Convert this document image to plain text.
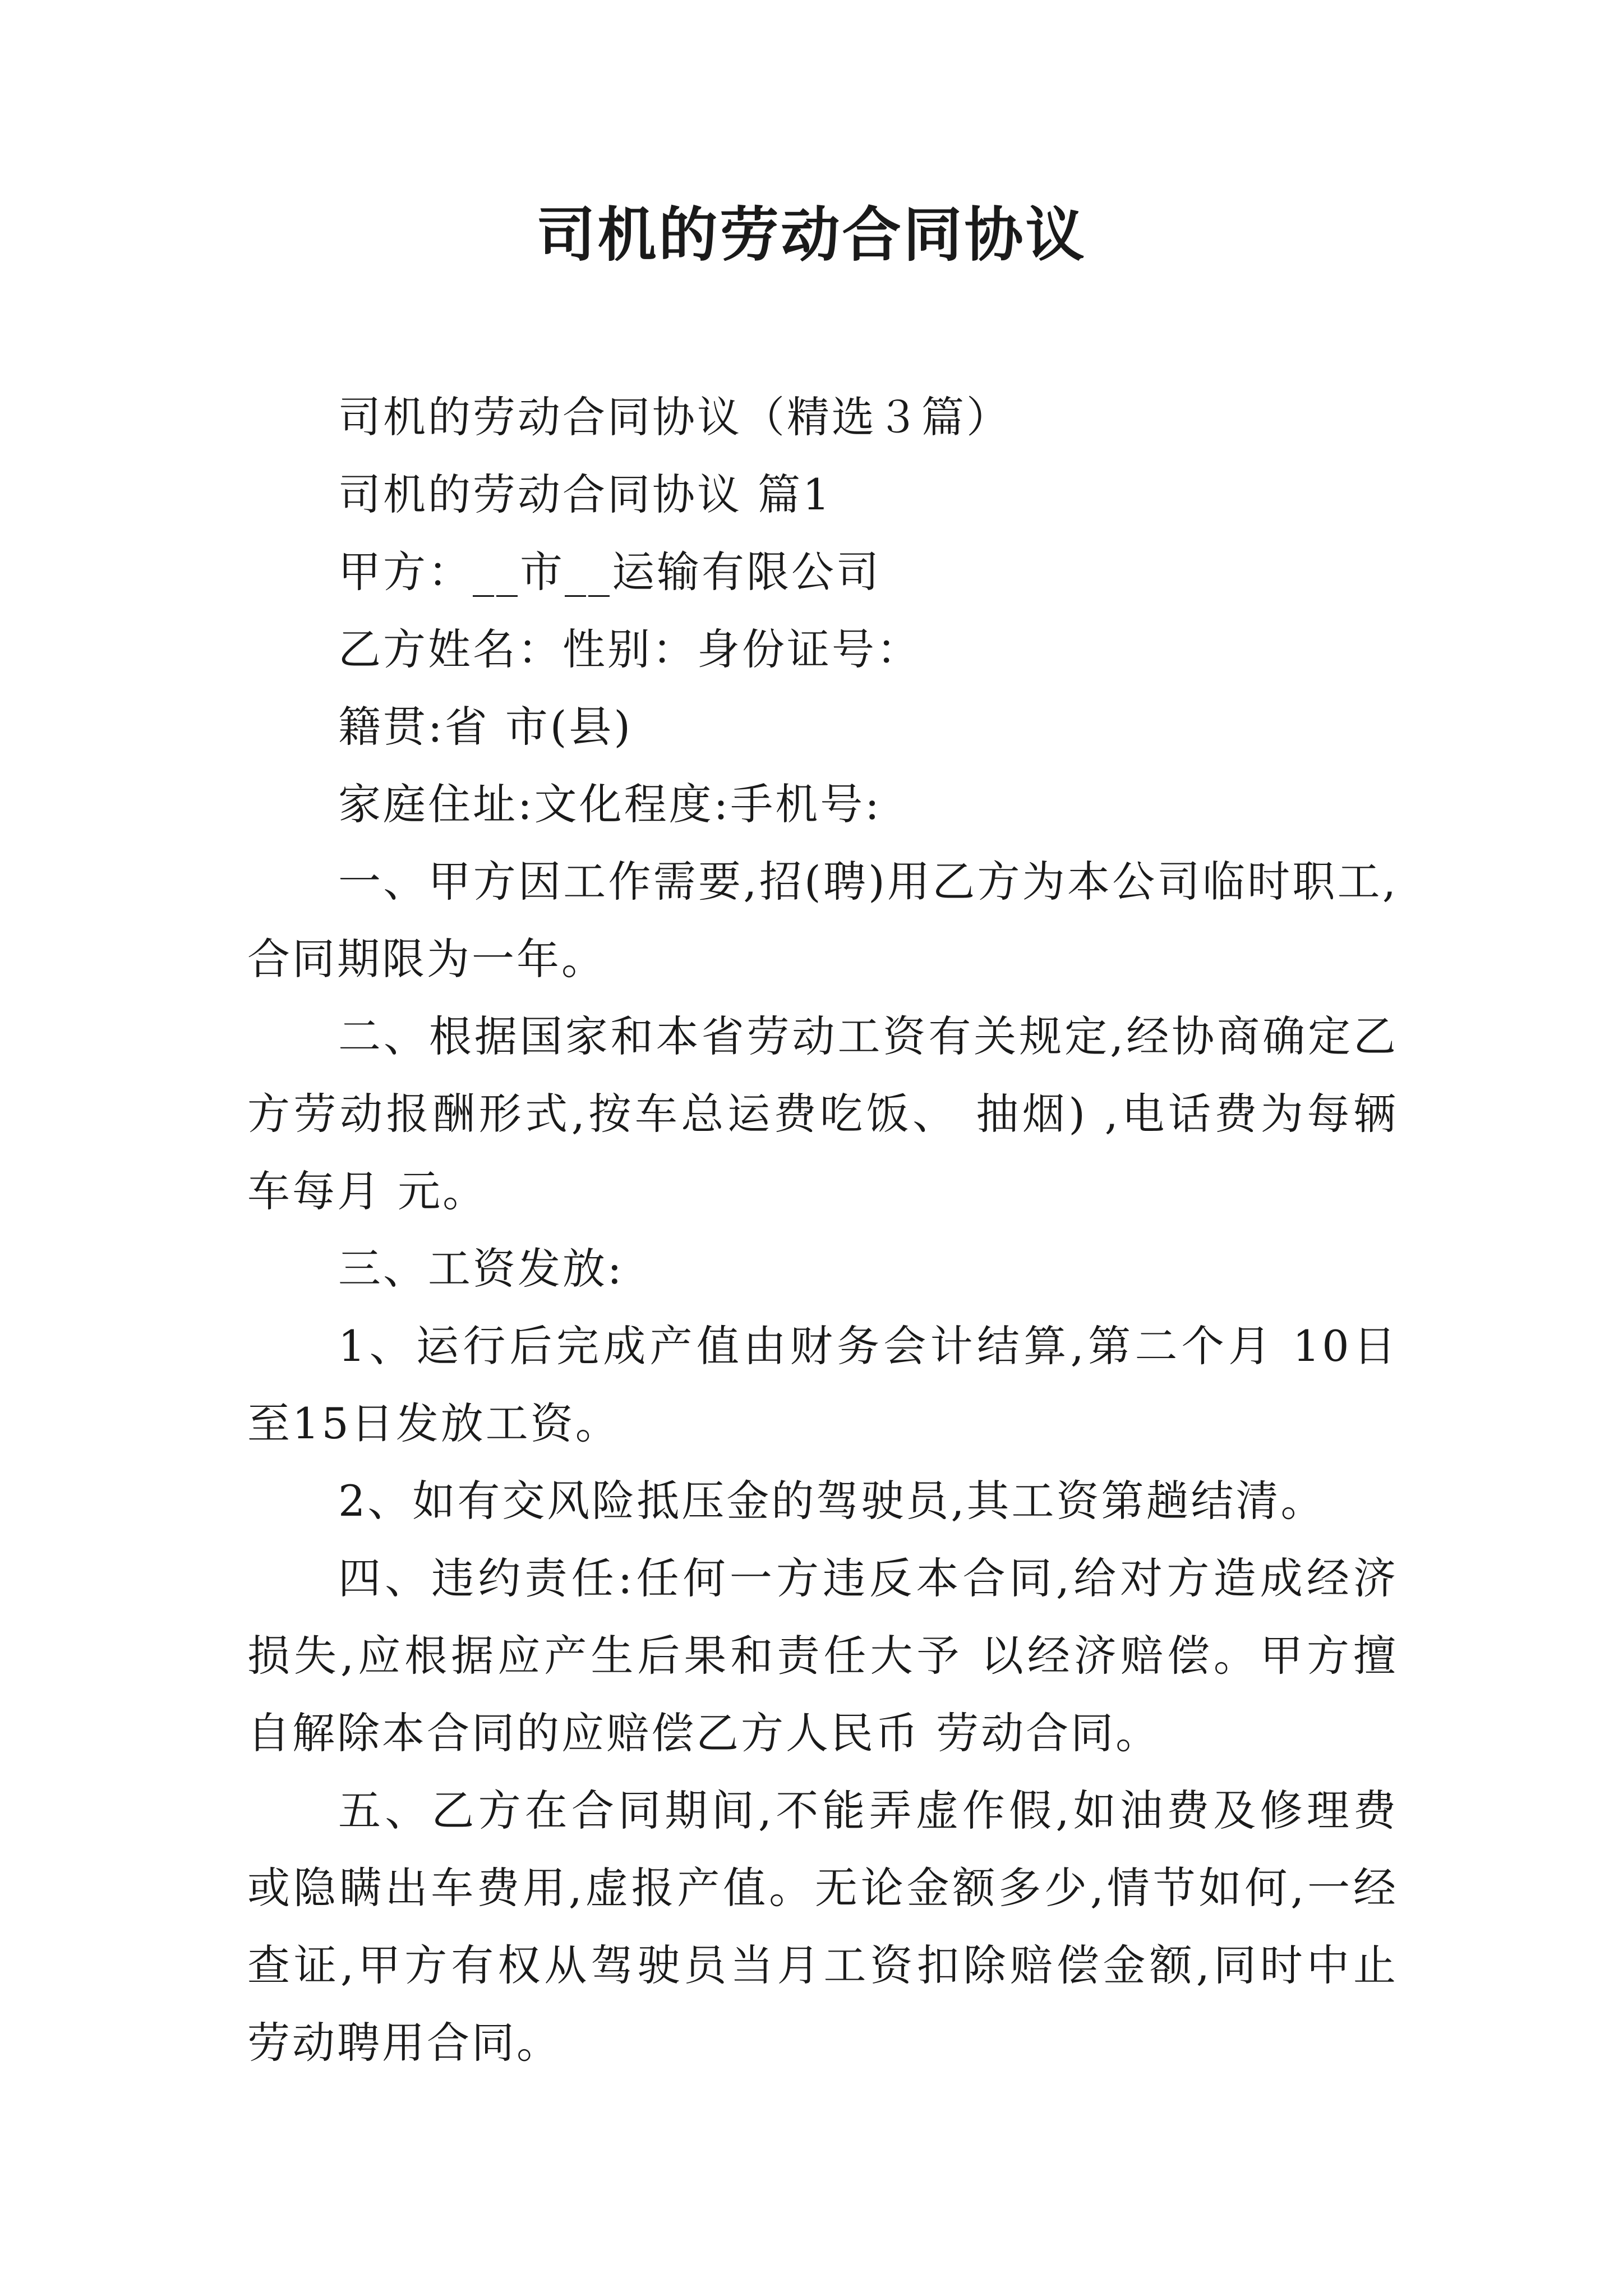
司机的劳动合同协议

司机的劳动合同协议（精选３篇）

司机的劳动合同协议 篇1

甲方：__市__运输有限公司

乙方姓名：性别：身份证号：

籍贯:省 市(县)

家庭住址:文化程度:手机号:

一、甲方因工作需要,招(聘)用乙方为本公司临时职工,合同期限为一年。

二、根据国家和本省劳动工资有关规定,经协商确定乙方劳动报酬形式,按车总运费吃饭、 抽烟) ,电话费为每辆车每月 元。

三、工资发放:

1、运行后完成产值由财务会计结算,第二个月 10日至15日发放工资。

2、如有交风险抵压金的驾驶员,其工资第趟结清。

四、违约责任:任何一方违反本合同,给对方造成经济损失,应根据应产生后果和责任大予 以经济赔偿。甲方擅自解除本合同的应赔偿乙方人民币 劳动合同。

五、乙方在合同期间,不能弄虚作假,如油费及修理费或隐瞒出车费用,虚报产值。无论金额多少,情节如何,一经查证,甲方有权从驾驶员当月工资扣除赔偿金额,同时中止劳动聘用合同。
